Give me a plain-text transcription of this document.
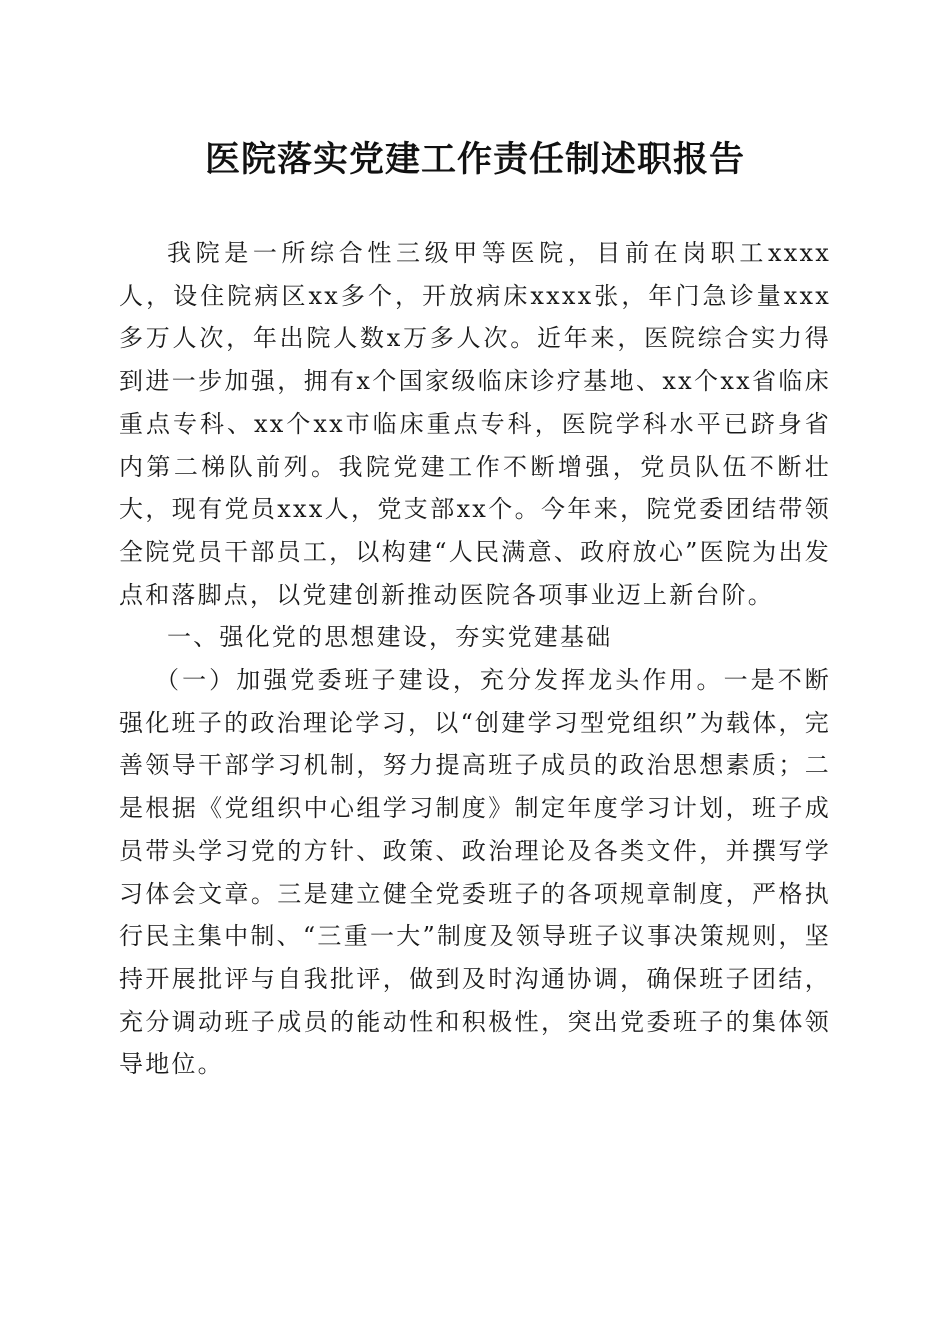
医院落实党建工作责任制述职报告

我院是一所综合性三级甲等医院，目前在岗职工xxxx人，设住院病区xx多个，开放病床xxxx张，年门急诊量xxx多万人次，年出院人数x万多人次。近年来，医院综合实力得到进一步加强，拥有x个国家级临床诊疗基地、xx个xx省临床重点专科、xx个xx市临床重点专科，医院学科水平已跻身省内第二梯队前列。我院党建工作不断增强，党员队伍不断壮大，现有党员xxx人，党支部xx个。今年来，院党委团结带领全院党员干部员工，以构建“人民满意、政府放心”医院为出发点和落脚点，以党建创新推动医院各项事业迈上新台阶。

一、强化党的思想建设，夯实党建基础

（一）加强党委班子建设，充分发挥龙头作用。一是不断强化班子的政治理论学习，以“创建学习型党组织”为载体，完善领导干部学习机制，努力提高班子成员的政治思想素质；二是根据《党组织中心组学习制度》制定年度学习计划，班子成员带头学习党的方针、政策、政治理论及各类文件，并撰写学习体会文章。三是建立健全党委班子的各项规章制度，严格执行民主集中制、“三重一大”制度及领导班子议事决策规则，坚持开展批评与自我批评，做到及时沟通协调，确保班子团结，充分调动班子成员的能动性和积极性，突出党委班子的集体领导地位。
